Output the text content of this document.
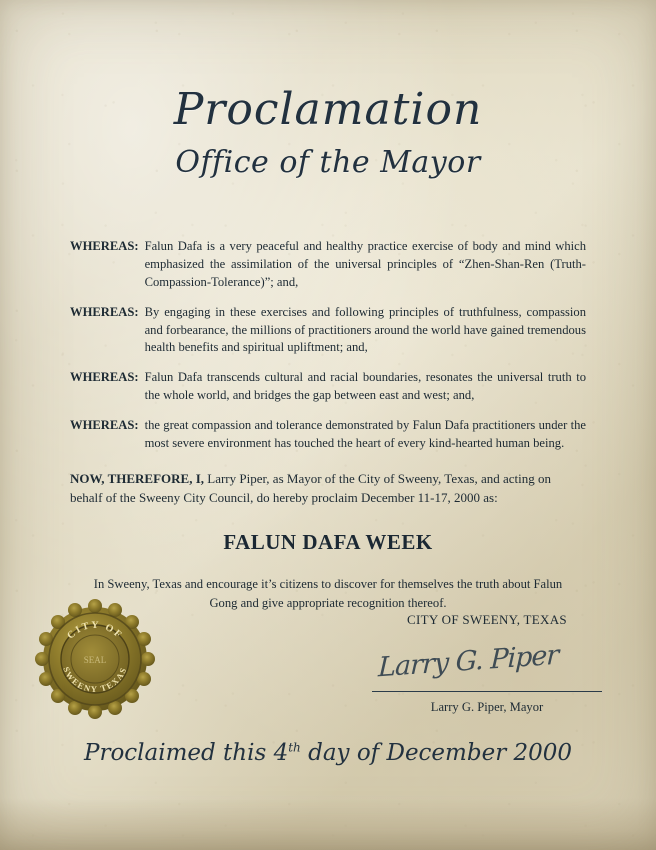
Proclamation
Office of the Mayor
WHEREAS: Falun Dafa is a very peaceful and healthy practice exercise of body and mind which emphasized the assimilation of the universal principles of “Zhen-Shan-Ren (Truth-Compassion-Tolerance)”; and,
WHEREAS: By engaging in these exercises and following principles of truthfulness, compassion and forbearance, the millions of practitioners around the world have gained tremendous health benefits and spiritual upliftment; and,
WHEREAS: Falun Dafa transcends cultural and racial boundaries, resonates the universal truth to the whole world, and bridges the gap between east and west; and,
WHEREAS: the great compassion and tolerance demonstrated by Falun Dafa practitioners under the most severe environment has touched the heart of every kind-hearted human being.
NOW, THEREFORE, I, Larry Piper, as Mayor of the City of Sweeny, Texas, and acting on behalf of the Sweeny City Council, do hereby proclaim December 11-17, 2000 as:
FALUN DAFA WEEK
In Sweeny, Texas and encourage it’s citizens to discover for themselves the truth about Falun Gong and give appropriate recognition thereof.
CITY OF
SWEENY TEXAS
SEAL
CITY OF SWEENY, TEXAS
Larry G. Piper
Larry G. Piper, Mayor
Proclaimed this 4th day of December 2000
